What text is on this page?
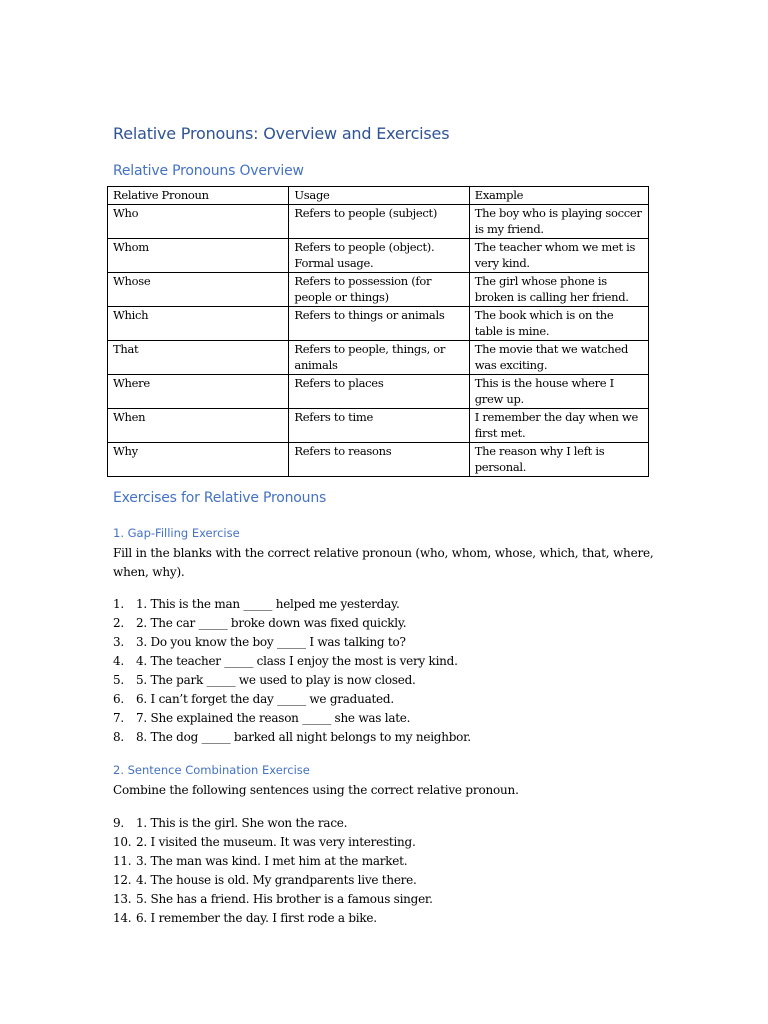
Relative Pronouns: Overview and Exercises
Relative Pronouns Overview
Relative Pronoun	Usage	Example
Who	Refers to people (subject)	The boy who is playing soccer is my friend.
Whom	Refers to people (object). Formal usage.	The teacher whom we met is very kind.
Whose	Refers to possession (for people or things)	The girl whose phone is broken is calling her friend.
Which	Refers to things or animals	The book which is on the table is mine.
That	Refers to people, things, or animals	The movie that we watched was exciting.
Where	Refers to places	This is the house where I grew up.
When	Refers to time	I remember the day when we first met.
Why	Refers to reasons	The reason why I left is personal.
Exercises for Relative Pronouns
1. Gap-Filling Exercise

Fill in the blanks with the correct relative pronoun (who, whom, whose, which, that, where, when, why).

1. 1. This is the man _____ helped me yesterday.
2. 2. The car _____ broke down was fixed quickly.
3. 3. Do you know the boy _____ I was talking to?
4. 4. The teacher _____ class I enjoy the most is very kind.
5. 5. The park _____ we used to play is now closed.
6. 6. I can’t forget the day _____ we graduated.
7. 7. She explained the reason _____ she was late.
8. 8. The dog _____ barked all night belongs to my neighbor.
2. Sentence Combination Exercise

Combine the following sentences using the correct relative pronoun.

9. 1. This is the girl. She won the race.
10. 2. I visited the museum. It was very interesting.
11. 3. The man was kind. I met him at the market.
12. 4. The house is old. My grandparents live there.
13. 5. She has a friend. His brother is a famous singer.
14. 6. I remember the day. I first rode a bike.
